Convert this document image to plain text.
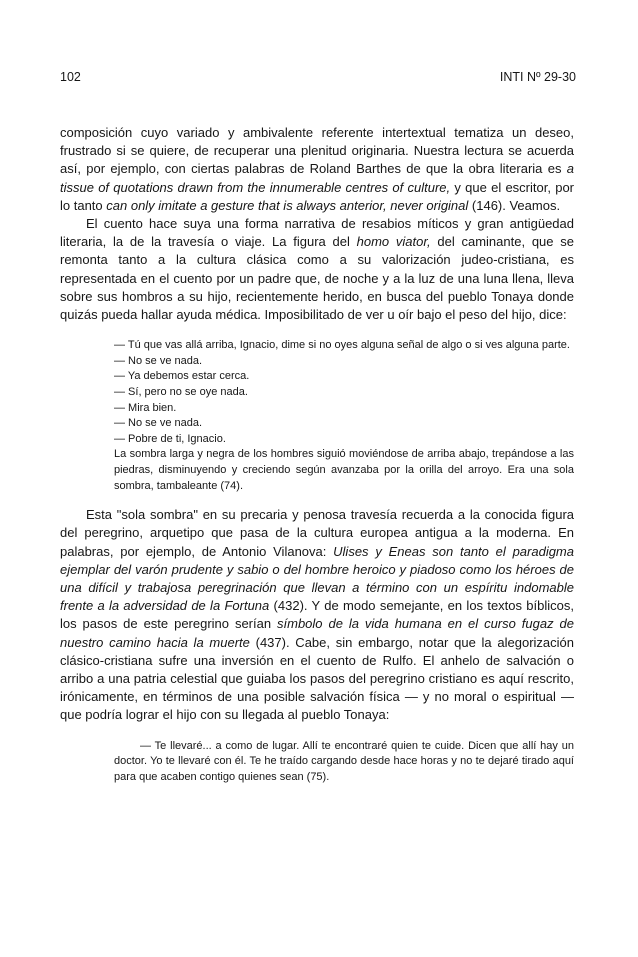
102	INTI Nº 29-30

composición cuyo variado y ambivalente referente intertextual tematiza un deseo, frustrado si se quiere, de recuperar una plenitud originaria. Nuestra lectura se acuerda así, por ejemplo, con ciertas palabras de Roland Barthes de que la obra literaria es a tissue of quotations drawn from the innumerable centres of culture, y que el escritor, por lo tanto can only imitate a gesture that is always anterior, never original (146). Veamos.

El cuento hace suya una forma narrativa de resabios míticos y gran antigüedad literaria, la de la travesía o viaje. La figura del homo viator, del caminante, que se remonta tanto a la cultura clásica como a su valorización judeo-cristiana, es representada en el cuento por un padre que, de noche y a la luz de una luna llena, lleva sobre sus hombros a su hijo, recientemente herido, en busca del pueblo Tonaya donde quizás pueda hallar ayuda médica. Imposibilitado de ver u oír bajo el peso del hijo, dice:

— Tú que vas allá arriba, Ignacio, dime si no oyes alguna señal de algo o si ves alguna parte.
— No se ve nada.
— Ya debemos estar cerca.
— Sí, pero no se oye nada.
— Mira bien.
— No se ve nada.
— Pobre de ti, Ignacio.
La sombra larga y negra de los hombres siguió moviéndose de arriba abajo, trepándose a las piedras, disminuyendo y creciendo según avanzaba por la orilla del arroyo. Era una sola sombra, tambaleante (74).

Esta "sola sombra" en su precaria y penosa travesía recuerda a la conocida figura del peregrino, arquetipo que pasa de la cultura europea antigua a la moderna. En palabras, por ejemplo, de Antonio Vilanova: Ulises y Eneas son tanto el paradigma ejemplar del varón prudente y sabio o del hombre heroico y piadoso como los héroes de una difícil y trabajosa peregrinación que llevan a término con un espíritu indomable frente a la adversidad de la Fortuna (432). Y de modo semejante, en los textos bíblicos, los pasos de este peregrino serían símbolo de la vida humana en el curso fugaz de nuestro camino hacia la muerte (437). Cabe, sin embargo, notar que la alegorización clásico-cristiana sufre una inversión en el cuento de Rulfo. El anhelo de salvación o arribo a una patria celestial que guiaba los pasos del peregrino cristiano es aquí rescrito, irónicamente, en términos de una posible salvación física — y no moral o espiritual — que podría lograr el hijo con su llegada al pueblo Tonaya:

— Te llevaré... a como de lugar. Allí te encontraré quien te cuide. Dicen que allí hay un doctor. Yo te llevaré con él. Te he traído cargando desde hace horas y no te dejaré tirado aquí para que acaben contigo quienes sean (75).
